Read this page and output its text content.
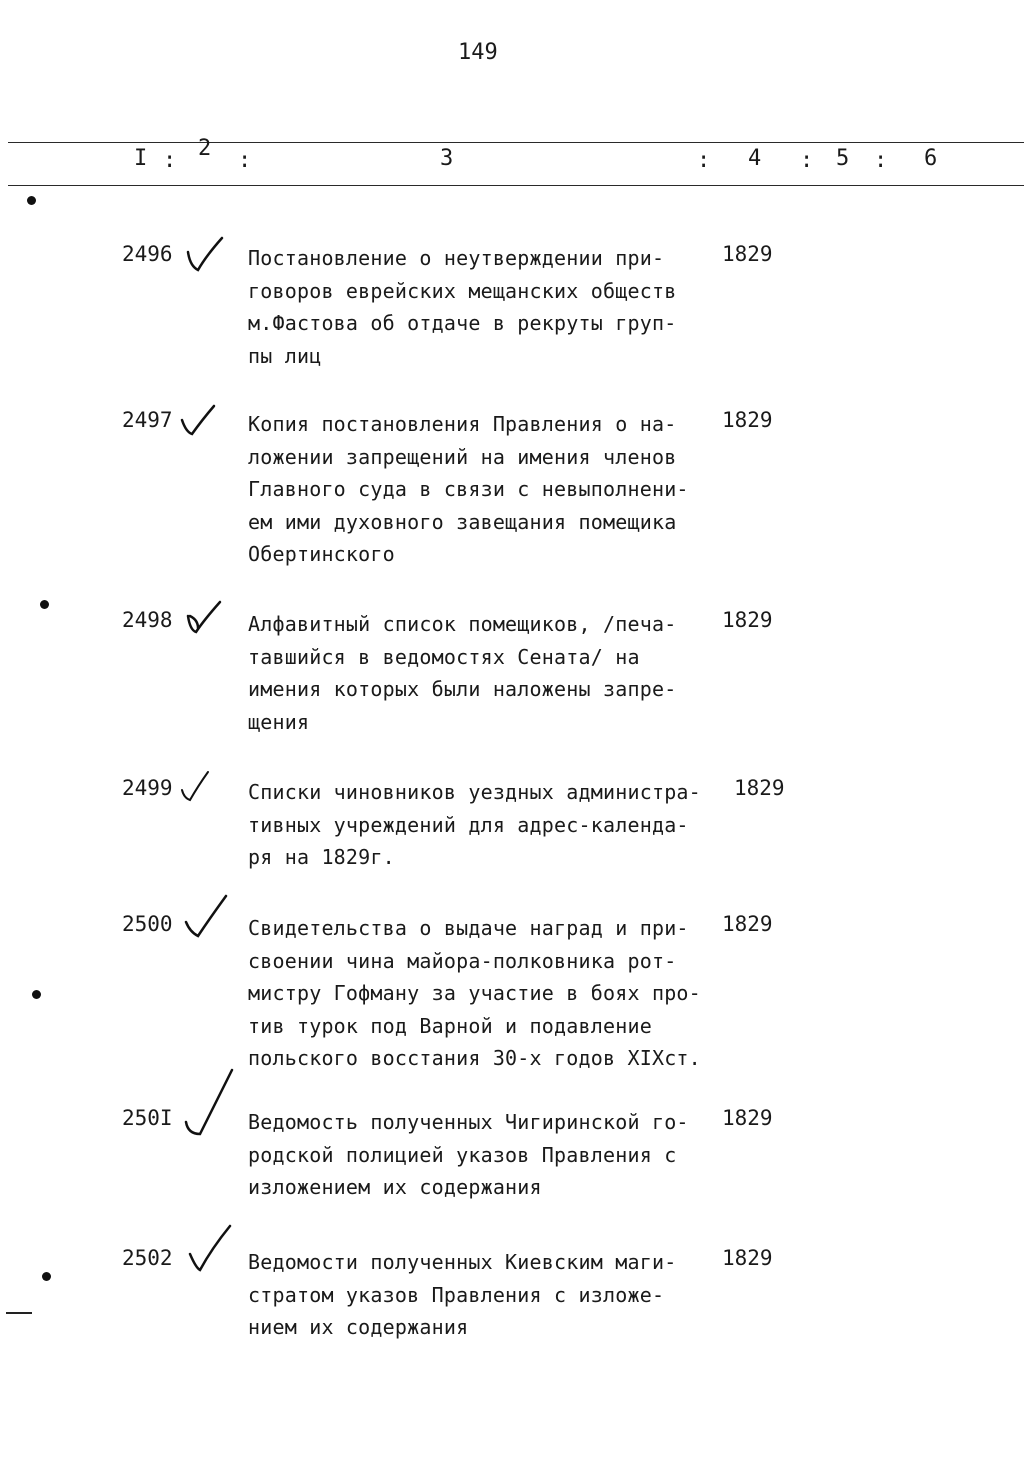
149
I : 2 :	3	: 4 : 5 : 6
2496	Постановление о неутверждении при-
говоров еврейских мещанских обществ
м.Фастова об отдаче в рекруты груп-
пы лиц
1829
2497	Копия постановления Правления о на-
ложении запрещений на имения членов
Главного суда в связи с невыполнени-
ем ими духовного завещания помещика
Обертинского
1829
2498	Алфавитный список помещиков, /печа-
тавшийся в ведомостях Сената/ на
имения которых были наложены запре-
щения
1829
2499	Списки чиновников уездных администра-
тивных учреждений для адрес-календа-
ря на 1829г.
1829
2500	Свидетельства о выдаче наград и при-
своении чина майора-полковника рот-
мистру Гофману за участие в боях про-
тив турок под Варной и подавление
польского восстания 30-х годов XIXст.
1829
250I	Ведомость полученных Чигиринской го-
родской полицией указов Правления с
изложением их содержания
1829
2502	Ведомости полученных Киевским маги-
стратом указов Правления с изложе-
нием их содержания
1829
